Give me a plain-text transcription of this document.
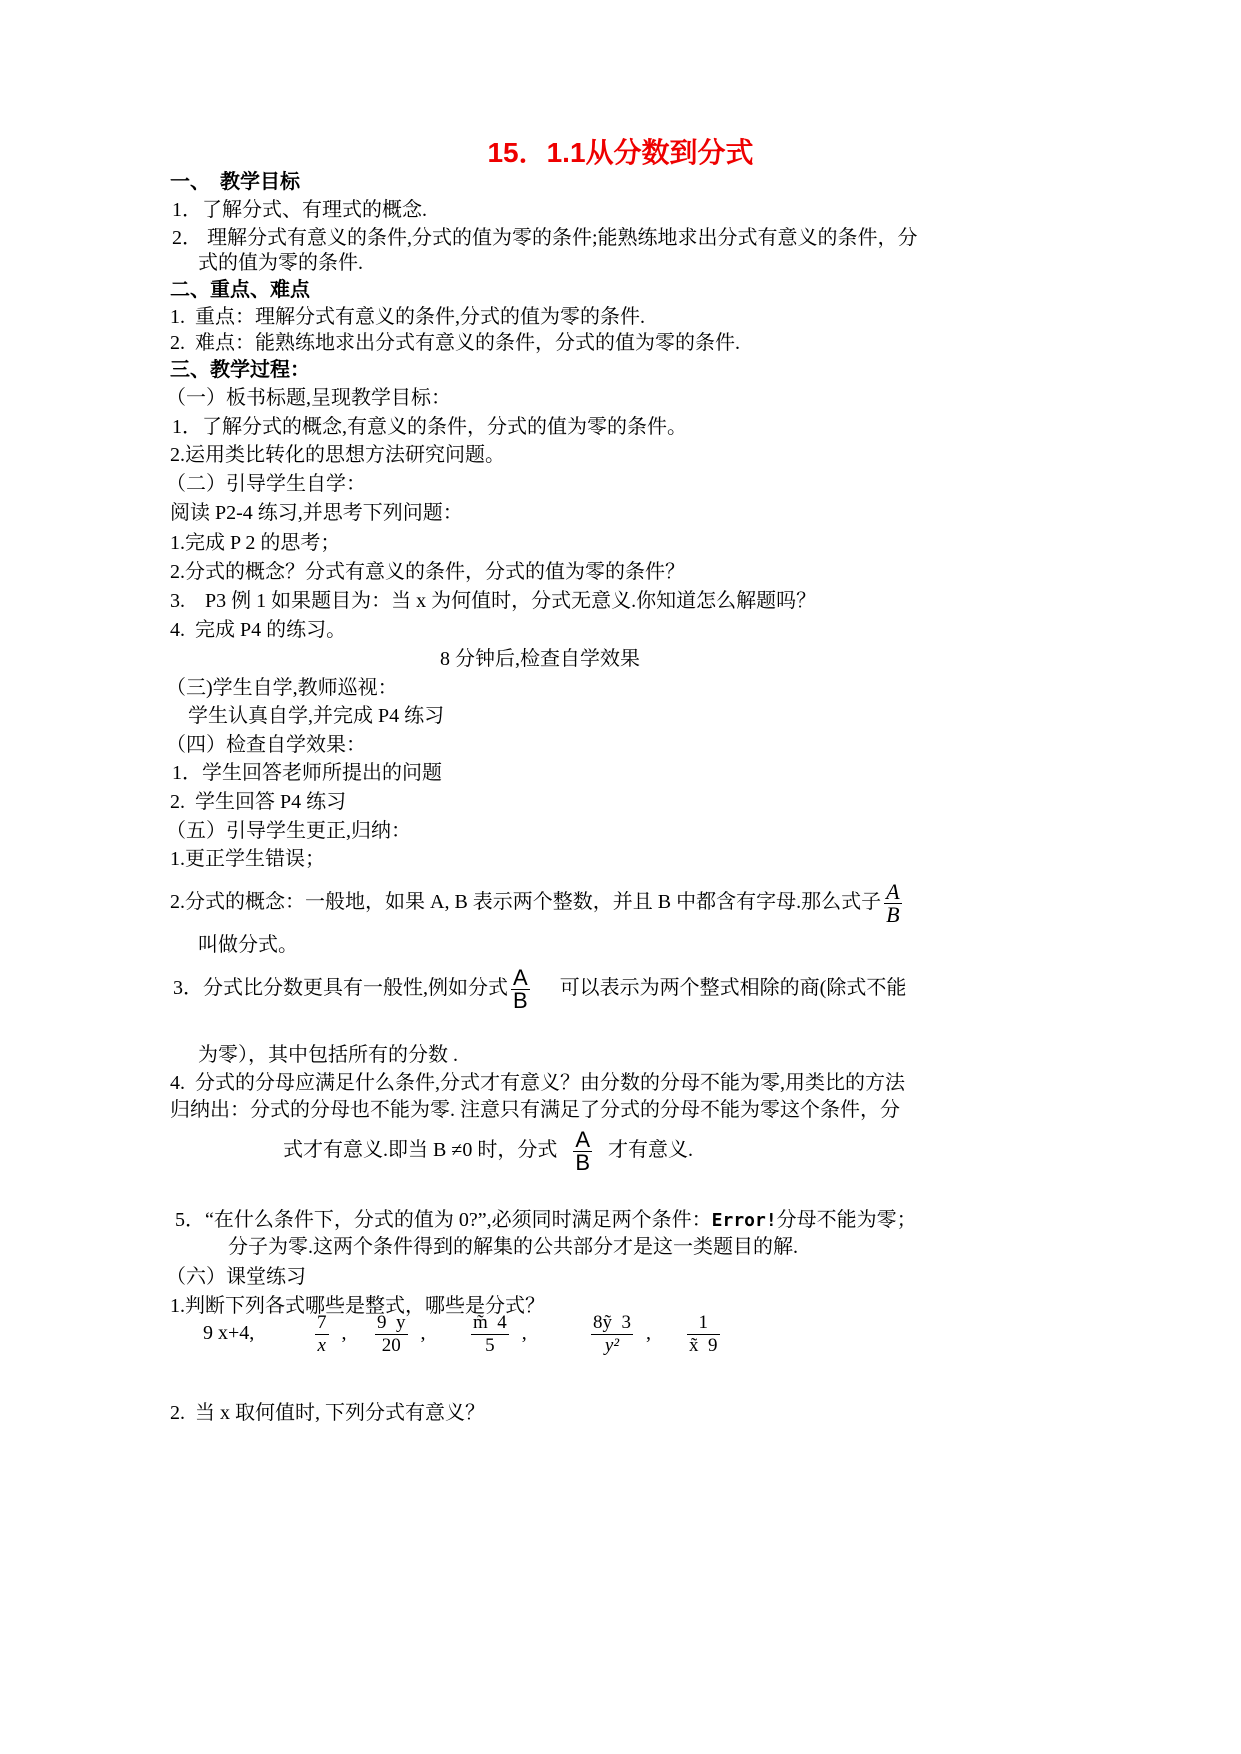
15．1.1从分数到分式
一、  教学目标
1．了解分式、有理式的概念.
2． 理解分式有意义的条件,分式的值为零的条件;能熟练地求出分式有意义的条件，分
式的值为零的条件.
二、重点、难点
1.  重点：理解分式有意义的条件,分式的值为零的条件.
2.  难点：能熟练地求出分式有意义的条件，分式的值为零的条件.
三、教学过程：
（一）板书标题,呈现教学目标：
1．了解分式的概念,有意义的条件，分式的值为零的条件。
2.运用类比转化的思想方法研究问题。
（二）引导学生自学：
阅读 P2-4 练习,并思考下列问题：
1.完成 P 2 的思考；
2.分式的概念？分式有意义的条件，分式的值为零的条件？
3.    P3 例 1 如果题目为：当 x 为何值时，分式无意义.你知道怎么解题吗？
4.  完成 P4 的练习。
8 分钟后,检查自学效果
（三)学生自学,教师巡视：
学生认真自学,并完成 P4 练习
（四）检查自学效果：
1．学生回答老师所提出的问题
2.  学生回答 P4 练习
（五）引导学生更正,归纳：
1.更正学生错误；
2.分式的概念：一般地，如果 A, B 表示两个整数，并且 B 中都含有字母.那么式子 $\frac{A}{B}$
叫做分式。
3．分式比分数更具有一般性,例如分式 $\frac{A}{B}$ 可以表示为两个整式相除的商(除式不能
为零），其中包括所有的分数 .
4.  分式的分母应满足什么条件,分式才有意义？由分数的分母不能为零,用类比的方法
归纳出：分式的分母也不能为零. 注意只有满足了分式的分母不能为零这个条件，分
式才有意义.即当 B ≠0 时，分式 $\frac{A}{B}$ 才有意义.
5．“在什么条件下，分式的值为 0?”,必须同时满足两个条件：Error!分母不能为零；
分子为零.这两个条件得到的解集的公共部分才是这一类题目的解.
（六）课堂练习
1.判断下列各式哪些是整式，哪些是分式？
9 x+4,	$\frac{7}{x}$ , $\frac{9 y}{20}$ , $\frac{m̃ 4}{5}$ ,	$\frac{8ỹ 3}{\text{y²}}$ , $\frac{1}{x̃ 9}$
2.  当 x 取何值时, 下列分式有意义？
